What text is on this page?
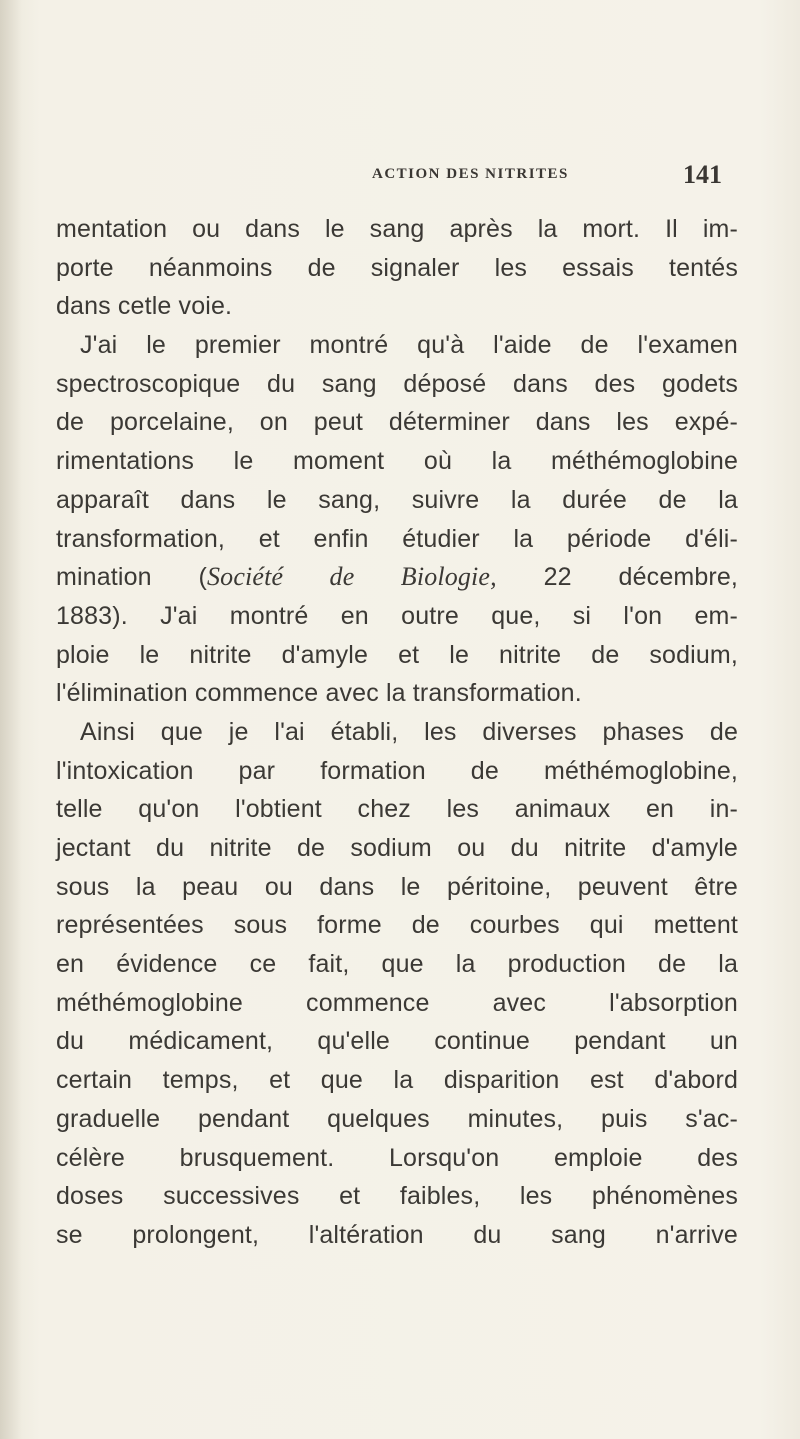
ACTION DES NITRITES	141
mentation ou dans le sang après la mort. Il im-
porte néanmoins de signaler les essais tentés
dans cetle voie.
J'ai le premier montré qu'à l'aide de l'examen
spectroscopique du sang déposé dans des godets
de porcelaine, on peut déterminer dans les expé-
rimentations le moment où la méthémoglobine
apparaît dans le sang, suivre la durée de la
transformation, et enfin étudier la période d'éli-
mination (Société de Biologie, 22 décembre,
1883). J'ai montré en outre que, si l'on em-
ploie le nitrite d'amyle et le nitrite de sodium,
l'élimination commence avec la transformation.
Ainsi que je l'ai établi, les diverses phases de
l'intoxication par formation de méthémoglobine,
telle qu'on l'obtient chez les animaux en in-
jectant du nitrite de sodium ou du nitrite d'amyle
sous la peau ou dans le péritoine, peuvent être
représentées sous forme de courbes qui mettent
en évidence ce fait, que la production de la
méthémoglobine commence avec l'absorption
du médicament, qu'elle continue pendant un
certain temps, et que la disparition est d'abord
graduelle pendant quelques minutes, puis s'ac-
célère brusquement. Lorsqu'on emploie des
doses successives et faibles, les phénomènes
se prolongent, l'altération du sang n'arrive
